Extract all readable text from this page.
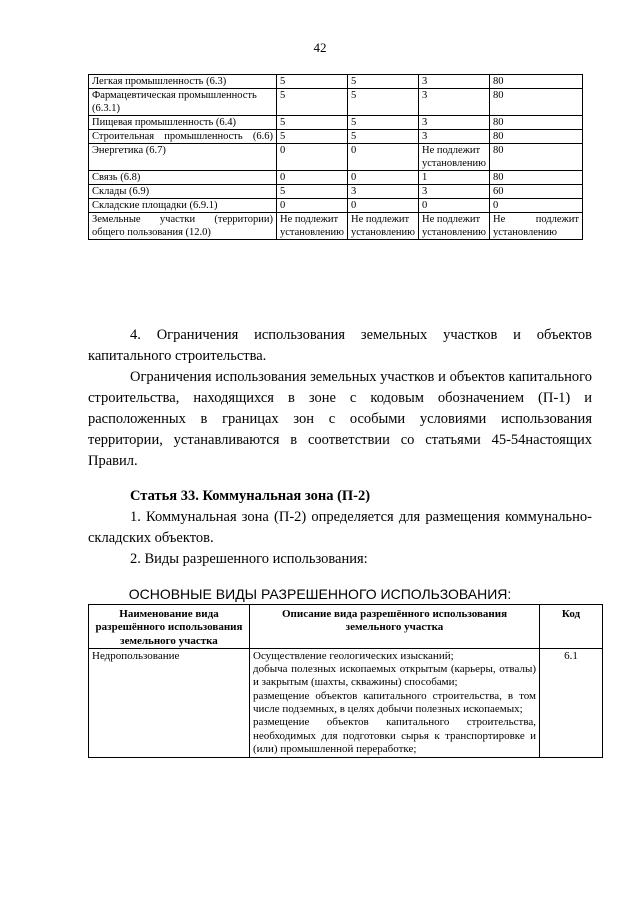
42
Легкая промышленность (6.3)	5	5	3	80
Фармацевтическая промышленность (6.3.1)	5	5	3	80
Пищевая промышленность (6.4)	5	5	3	80
Строительная промышленность (6.6)	5	5	3	80
Энергетика (6.7)	0	0	Не подлежит установлению	80
Связь (6.8)	0	0	1	80
Склады (6.9)	5	3	3	60
Складские площадки (6.9.1)	0	0	0	0
Земельные участки (территории) общего пользования (12.0)	Не подлежит установлению	Не подлежит установлению	Не подлежит установлению	Не подлежит установлению
4. Ограничения использования земельных участков и объектов капитального строительства.
Ограничения использования земельных участков и объектов капитального строительства, находящихся в зоне с кодовым обозначением (П-1) и расположенных в границах зон с особыми условиями использования территории, устанавливаются в соответствии со статьями 45-54настоящих Правил.
Статья 33. Коммунальная зона (П-2)
1. Коммунальная зона (П-2) определяется для размещения коммунально-складских объектов.
2. Виды разрешенного использования:
ОСНОВНЫЕ ВИДЫ РАЗРЕШЕННОГО ИСПОЛЬЗОВАНИЯ:
Наименование вида разрешённого использования земельного участка	Описание вида разрешённого использования земельного участка	Код
Недропользование	Осуществление геологических изысканий;
добыча полезных ископаемых открытым (карьеры, отвалы) и закрытым (шахты, скважины) способами;
размещение объектов капитального строительства, в том числе подземных, в целях добычи полезных ископаемых;
размещение объектов капитального строительства, необходимых для подготовки сырья к транспортировке и (или) промышленной переработке;	6.1
